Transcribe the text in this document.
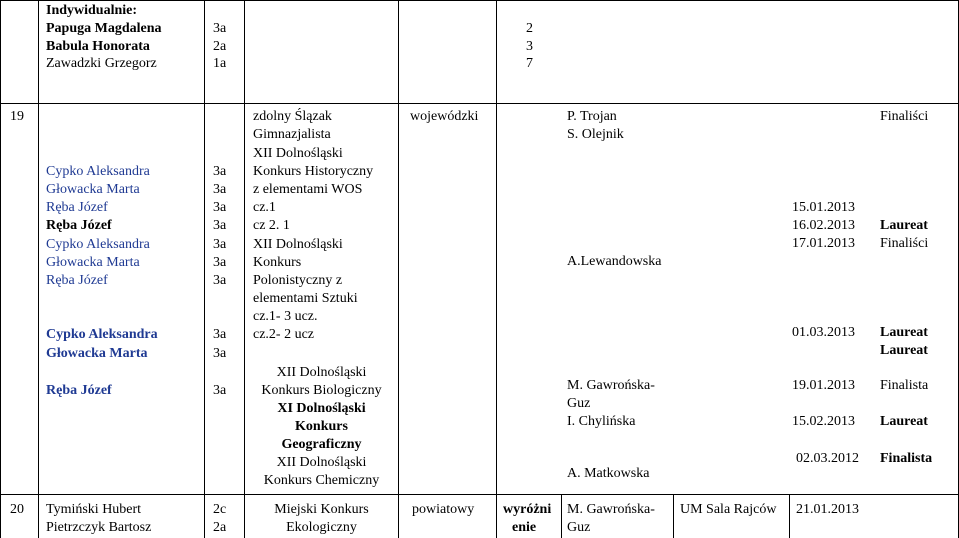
Indywidualnie:
Papuga Magdalena
Babula Honorata
Zawadzki Grzegorz
3a
2a
1a
2
3
7
19
Cypko Aleksandra
Głowacka Marta
Ręba Józef
Ręba Józef
Cypko Aleksandra
Głowacka Marta
Ręba Józef
Cypko Aleksandra
Głowacka Marta
Ręba Józef
3a
3a
3a
3a
3a
3a
3a
3a
3a
3a
zdolny Ślązak
Gimnazjalista
XII Dolnośląski
Konkurs Historyczny
z elementami WOS
cz.1
cz 2. 1
XII Dolnośląski
Konkurs
Polonistyczny z
elementami Sztuki
cz.1- 3 ucz.
cz.2- 2 ucz
XII Dolnośląski
Konkurs Biologiczny
XI Dolnośląski
Konkurs
Geograficzny
XII Dolnośląski
Konkurs Chemiczny
wojewódzki	P. Trojan
S. Olejnik
A.Lewandowska
M. Gawrońska-
Guz
I. Chylińska
A. Matkowska
15.01.2013
16.02.2013
17.01.2013
01.03.2013
19.01.2013
15.02.2013
02.03.2012
Finaliści
Laureat
Finaliści
Laureat
Laureat
Finalista
Laureat
Finalista
20 Tymiński Hubert
Pietrzczyk Bartosz
2c
2a
Miejski Konkurs
Ekologiczny
powiatowy wyróżni
enie
M. Gawrońska-
Guz
UM Sala Rajców 21.01.2013
